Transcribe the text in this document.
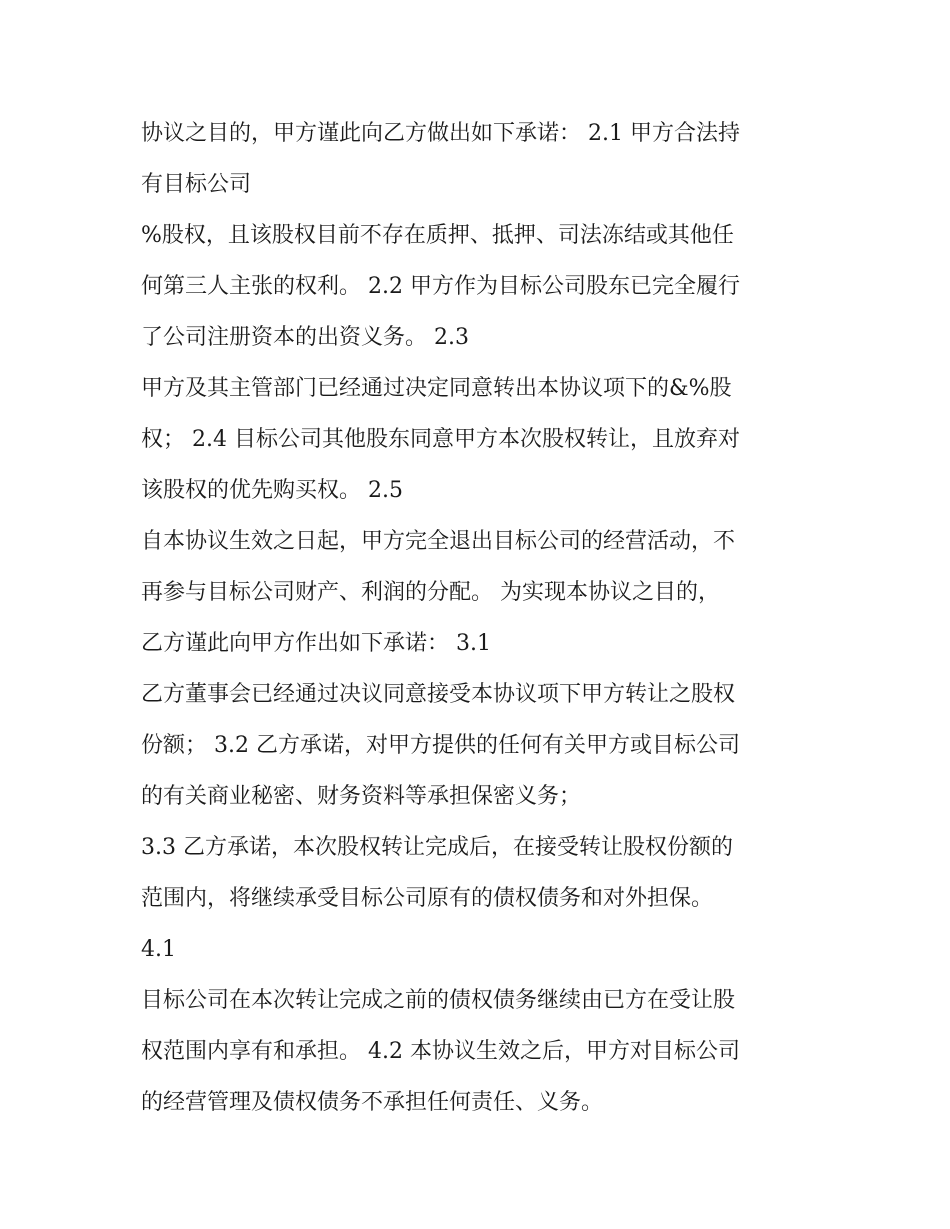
协议之目的，甲方谨此向乙方做出如下承诺： 2.1 甲方合法持
有目标公司
%股权，且该股权目前不存在质押、抵押、司法冻结或其他任
何第三人主张的权利。 2.2 甲方作为目标公司股东已完全履行
了公司注册资本的出资义务。 2.3
甲方及其主管部门已经通过决定同意转出本协议项下的&%股
权； 2.4 目标公司其他股东同意甲方本次股权转让，且放弃对
该股权的优先购买权。 2.5
自本协议生效之日起，甲方完全退出目标公司的经营活动，不
再参与目标公司财产、利润的分配。 为实现本协议之目的，
乙方谨此向甲方作出如下承诺： 3.1
乙方董事会已经通过决议同意接受本协议项下甲方转让之股权
份额； 3.2 乙方承诺，对甲方提供的任何有关甲方或目标公司
的有关商业秘密、财务资料等承担保密义务；
3.3 乙方承诺，本次股权转让完成后，在接受转让股权份额的
范围内，将继续承受目标公司原有的债权债务和对外担保。
4.1
目标公司在本次转让完成之前的债权债务继续由已方在受让股
权范围内享有和承担。 4.2 本协议生效之后，甲方对目标公司
的经营管理及债权债务不承担任何责任、义务。
